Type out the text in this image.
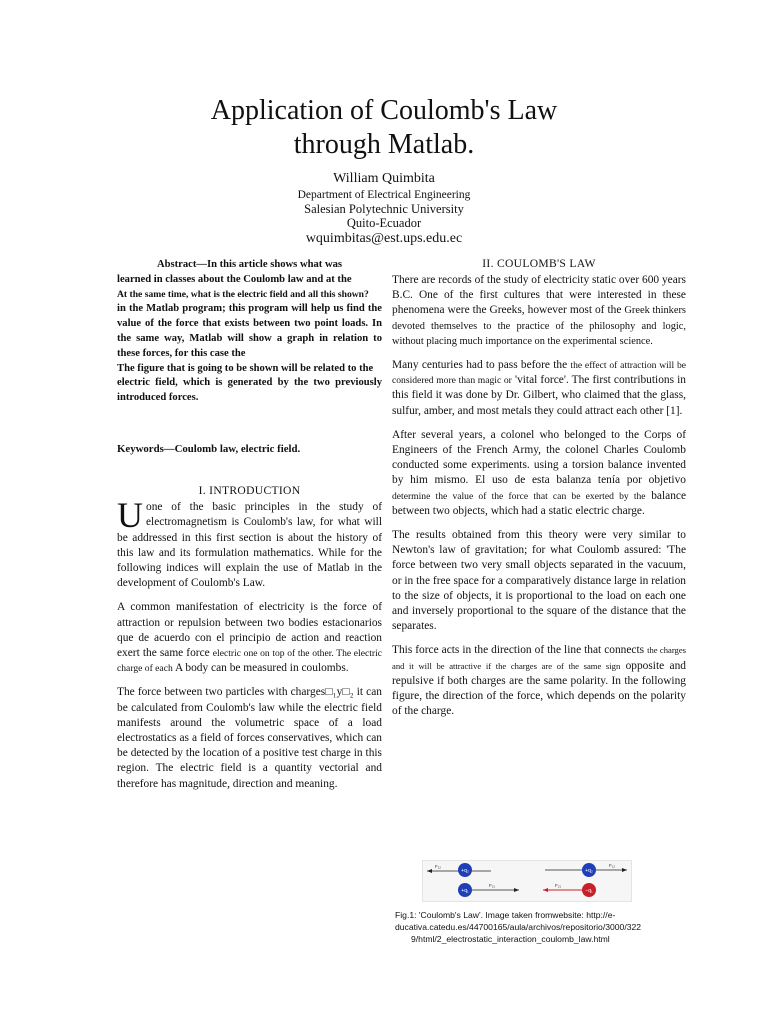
Application of Coulomb's Law
through Matlab.
William Quimbita
Department of Electrical Engineering
Salesian Polytechnic University
Quito-Ecuador
wquimbitas@est.ups.edu.ec
Abstract—In this article shows what was
learned in classes about the Coulomb law and at the
At the same time, what is the electric field and all this shown?
in the Matlab program; this program will help us find the value of the force that exists between two point loads. In the same way, Matlab will show a graph in relation to these forces, for this case the
The figure that is going to be shown will be related to the
electric field, which is generated by the two previously introduced forces.
Keywords—Coulomb law, electric field.
I. INTRODUCTION

U one of the basic principles in the study of electromagnetism is Coulomb's law, for what will be addressed in this first section is about the history of this law and its formulation mathematics. While for the following indices will explain the use of Matlab in the development of Coulomb's Law.

A common manifestation of electricity is the force of attraction or repulsion between two bodies estacionarios que de acuerdo con el principio de action and reaction exert the same force electric one on top of the other. The electric charge of each A body can be measured in coulombs.

The force between two particles with charges□₁y□₂ it can be calculated from Coulomb's law while the electric field manifests around the volumetric space of a load electrostatics as a field of forces conservatives, which can be detected by the location of a positive test charge in this region. The electric field is a quantity vectorial and therefore has magnitude, direction and meaning.

II. COULOMB'S LAW

There are records of the study of electricity static over 600 years B.C. One of the first cultures that were interested in these phenomena were the Greeks, however most of the Greek thinkers devoted themselves to the practice of the philosophy and logic, without placing much importance on the experimental science.

Many centuries had to pass before the the effect of attraction will be considered more than magic or 'vital force'. The first contributions in this field it was done by Dr. Gilbert, who claimed that the glass, sulfur, amber, and most metals they could attract each other [1].

After several years, a colonel who belonged to the Corps of Engineers of the French Army, the colonel Charles Coulomb conducted some experiments. using a torsion balance invented by him mismo. El uso de esta balanza tenía por objetivo determine the value of the force that can be exerted by the balance between two objects, which had a static electric charge.

The results obtained from this theory were very similar to Newton's law of gravitation; for what Coulomb assured: 'The force between two very small objects separated in the vacuum, or in the free space for a comparatively distance large in relation to the size of objects, it is proportional to the load on each one and inversely proportional to the square of the distance that the separates.

This force acts in the direction of the line that connects the charges and it will be attractive if the charges are of the same sign opposite and repulsive if both charges are the same polarity. In the following figure, the direction of the force, which depends on the polarity of the charge.

+q₂
+q₁
F₁₂
F₂₁
+q₂
−q₁
F₁₂
F₂₁
Fig.1: 'Coulomb's Law'. Image taken fromwebsite: http://e-
ducativa.catedu.es/44700165/aula/archivos/repositorio/3000/322
9/html/2_electrostatic_interaction_coulomb_law.html
